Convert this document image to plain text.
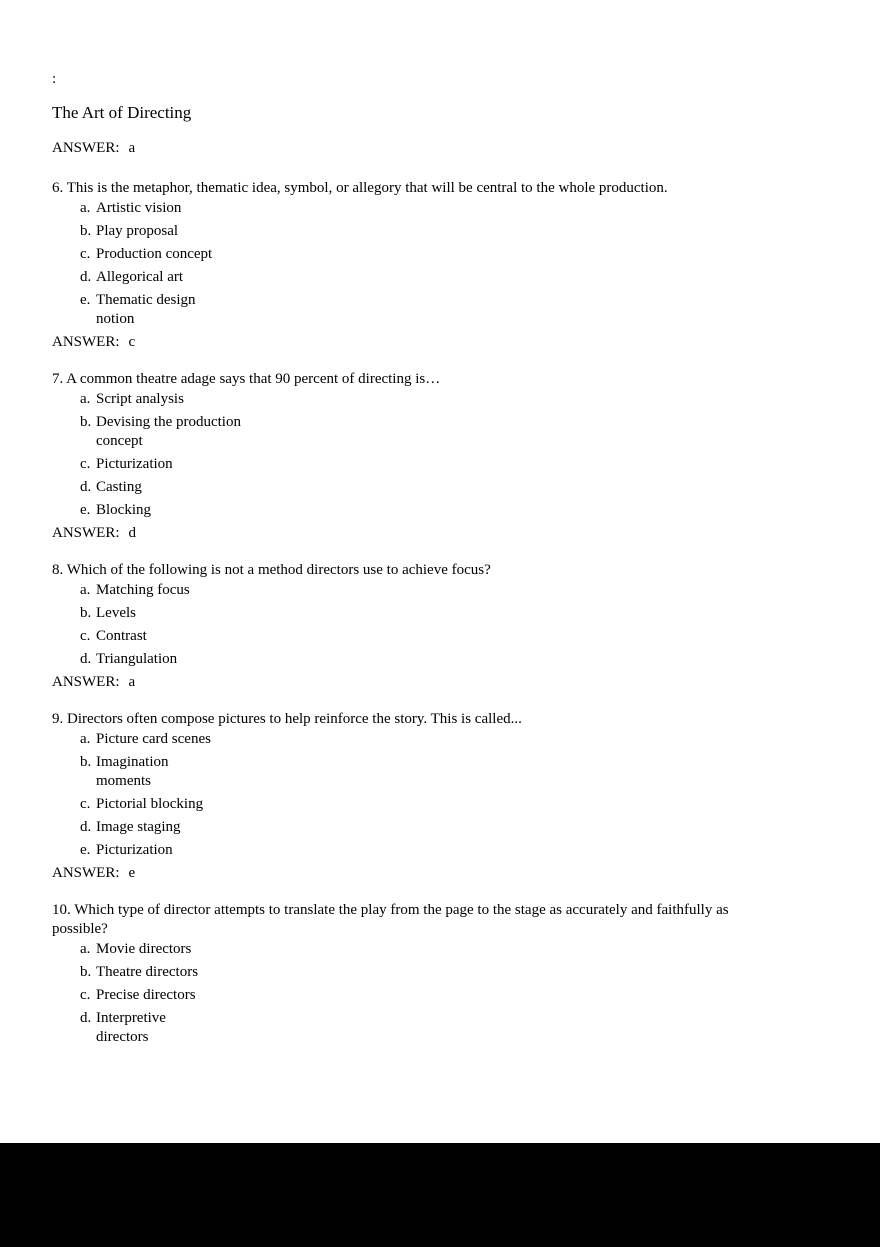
:
The Art of Directing
ANSWER: a
6. This is the metaphor, thematic idea, symbol, or allegory that will be central to the whole production.
a. Artistic vision
b. Play proposal
c. Production concept
d. Allegorical art
e. Thematic design
notion
ANSWER: c
7. A common theatre adage says that 90 percent of directing is…
a. Script analysis
b. Devising the production
concept
c. Picturization
d. Casting
e. Blocking
ANSWER: d
8. Which of the following is not a method directors use to achieve focus?
a. Matching focus
b. Levels
c. Contrast
d. Triangulation
ANSWER: a
9. Directors often compose pictures to help reinforce the story. This is called...
a. Picture card scenes
b. Imagination
moments
c. Pictorial blocking
d. Image staging
e. Picturization
ANSWER: e
10. Which type of director attempts to translate the play from the page to the stage as accurately and faithfully as
possible?
a. Movie directors
b. Theatre directors
c. Precise directors
d. Interpretive
directors
